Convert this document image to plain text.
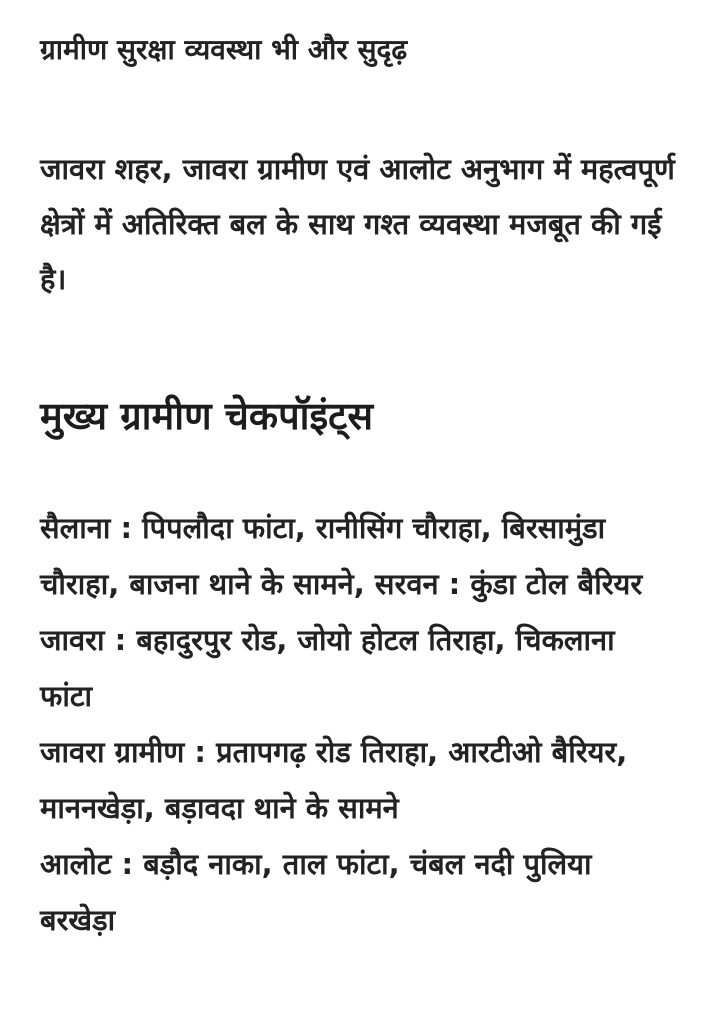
ग्रामीण सुरक्षा व्यवस्था भी और सुदृढ़

जावरा शहर, जावरा ग्रामीण एवं आलोट अनुभाग में महत्वपूर्ण क्षेत्रों में अतिरिक्त बल के साथ गश्त व्यवस्था मजबूत की गई है।

मुख्य ग्रामीण चेकपॉइंट्स
सैलाना : पिपलौदा फांटा, रानीसिंग चौराहा, बिरसामुंडा चौराहा, बाजना थाने के सामने, सरवन : कुंडा टोल बैरियर
जावरा : बहादुरपुर रोड, जोयो होटल तिराहा, चिकलाना फांटा
जावरा ग्रामीण : प्रतापगढ़ रोड तिराहा, आरटीओ बैरियर, माननखेड़ा, बड़ावदा थाने के सामने
आलोट : बड़ौद नाका, ताल फांटा, चंबल नदी पुलिया बरखेड़ा
